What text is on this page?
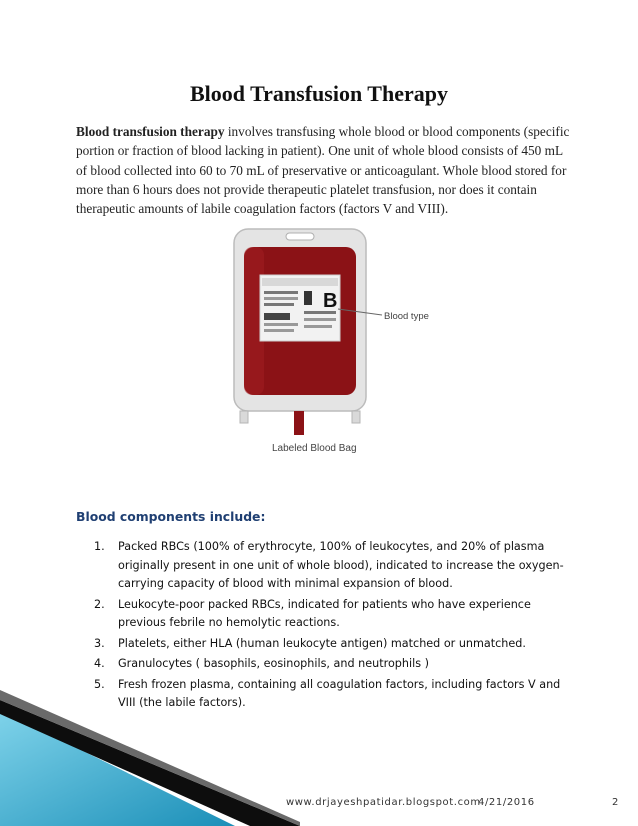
Blood Transfusion Therapy
Blood transfusion therapy involves transfusing whole blood or blood components (specific portion or fraction of blood lacking in patient). One unit of whole blood consists of 450 mL of blood collected into 60 to 70 mL of preservative or anticoagulant. Whole blood stored for more than 6 hours does not provide therapeutic platelet transfusion, nor does it contain therapeutic amounts of labile coagulation factors (factors V and VIII).
B
Blood type
Labeled Blood Bag
Blood components include:
1. Packed RBCs (100% of erythrocyte, 100% of leukocytes, and 20% of plasma originally present in one unit of whole blood), indicated to increase the oxygen-carrying capacity of blood with minimal expansion of blood.
2. Leukocyte-poor packed RBCs, indicated for patients who have experience previous febrile no hemolytic reactions.
3. Platelets, either HLA (human leukocyte antigen) matched or unmatched.
4. Granulocytes ( basophils, eosinophils, and neutrophils )
5. Fresh frozen plasma, containing all coagulation factors, including factors V and VIII (the labile factors).
www.drjayeshpatidar.blogspot.com
4/21/2016	2
